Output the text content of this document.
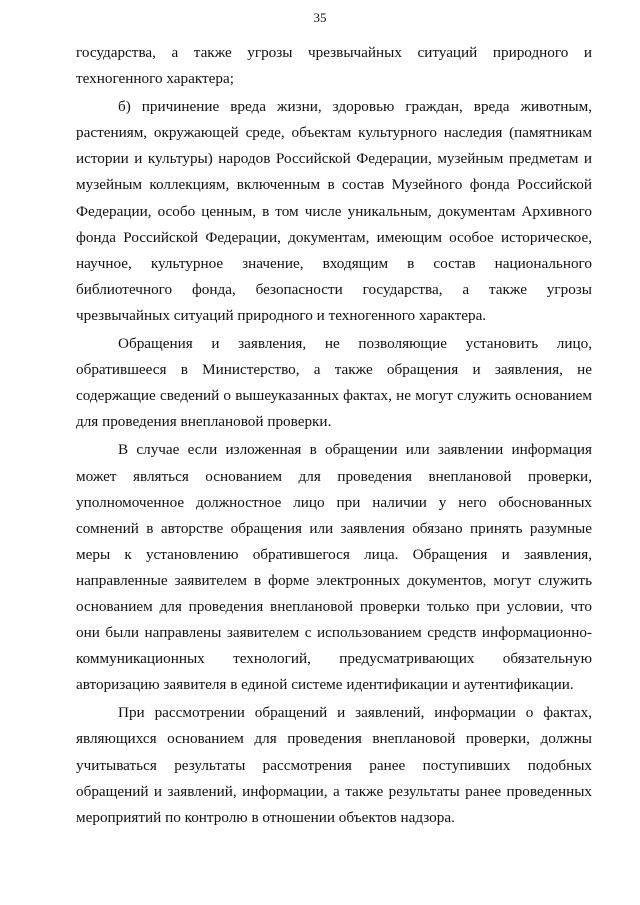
35

государства, а также угрозы чрезвычайных ситуаций природного и техногенного характера;

б) причинение вреда жизни, здоровью граждан, вреда животным, растениям, окружающей среде, объектам культурного наследия (памятникам истории и культуры) народов Российской Федерации, музейным предметам и музейным коллекциям, включенным в состав Музейного фонда Российской Федерации, особо ценным, в том числе уникальным, документам Архивного фонда Российской Федерации, документам, имеющим особое историческое, научное, культурное значение, входящим в состав национального библиотечного фонда, безопасности государства, а также угрозы чрезвычайных ситуаций природного и техногенного характера.

Обращения и заявления, не позволяющие установить лицо, обратившееся в Министерство, а также обращения и заявления, не содержащие сведений о вышеуказанных фактах, не могут служить основанием для проведения внеплановой проверки.

В случае если изложенная в обращении или заявлении информация может являться основанием для проведения внеплановой проверки, уполномоченное должностное лицо при наличии у него обоснованных сомнений в авторстве обращения или заявления обязано принять разумные меры к установлению обратившегося лица. Обращения и заявления, направленные заявителем в форме электронных документов, могут служить основанием для проведения внеплановой проверки только при условии, что они были направлены заявителем с использованием средств информационно-коммуникационных технологий, предусматривающих обязательную авторизацию заявителя в единой системе идентификации и аутентификации.

При рассмотрении обращений и заявлений, информации о фактах, являющихся основанием для проведения внеплановой проверки, должны учитываться результаты рассмотрения ранее поступивших подобных обращений и заявлений, информации, а также результаты ранее проведенных мероприятий по контролю в отношении объектов надзора.
